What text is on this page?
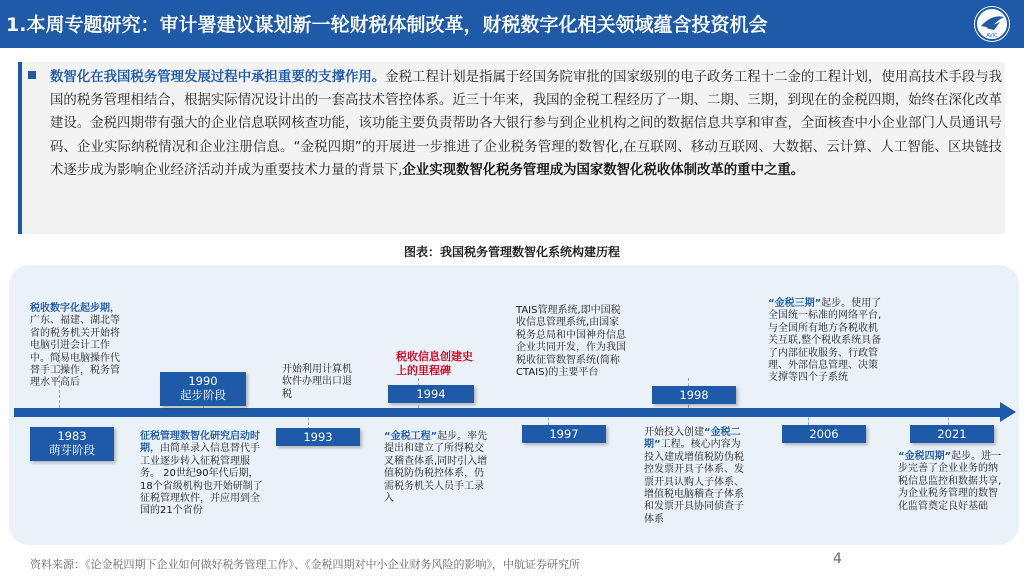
1.本周专题研究：审计署建议谋划新一轮财税体制改革，财税数字化相关领域蕴含投资机会	AVIC
数智化在我国税务管理发展过程中承担重要的支撑作用。金税工程计划是指属于经国务院审批的国家级别的电子政务工程十二金的工程计划，使用高技术手段与我国的税务管理相结合，根据实际情况设计出的一套高技术管控体系。近三十年来，我国的金税工程经历了一期、二期、三期，到现在的金税四期，始终在深化改革建设。金税四期带有强大的企业信息联网核查功能，该功能主要负责帮助各大银行参与到企业机构之间的数据信息共享和审查，全面核查中小企业部门人员通讯号码、企业实际纳税情况和企业注册信息。“金税四期”的开展进一步推进了企业税务管理的数智化,在互联网、移动互联网、大数据、云计算、人工智能、区块链技术逐步成为影响企业经济活动并成为重要技术力量的背景下,企业实现数智化税务管理成为国家数智化税收体制改革的重中之重。
图表：我国税务管理数智化系统构建历程
1983
萌芽阶段
1990
起步阶段
1993
1994
1997
1998
2006	2021
税收数字化起步期，广东、福建、湖北等省的税务机关开始将电脑引进会计工作中。简易电脑操作代替手工操作，税务管理水平高后
征税管理数智化研究启动时期，由简单录入信息替代手工业逐步转入征税管理服务。 20世纪90年代后期，18个省级机构也开始研制了征税管理软件，并应用到全国的21个省份
开始利用计算机软件办理出口退税
税收信息创建史上的里程碑
“金税工程”起步。率先提出和建立了所得税交叉稽查体系,同时引入增值税防伪税控体系，仍需税务机关人员手工录入
TAIS管理系统,即中国税收信息管理系统,由国家税务总局和中国神舟信息企业共同开发，作为我国税收征管数智系统(简称CTAIS)的主要平台
开始投入创建“金税二期”工程。核心内容为投入建成增值税防伪税控发票开具子体系、发票开具认购人子体系、增值税电脑稽查子体系和发票开具协同侦查子体系
“金税三期”起步。使用了全国统一标准的网络平台,与全国所有地方各税收机关互联,整个税收系统具备了内部征收服务、行政管理、外部信息管理、决策支撑等四个子系统
“金税四期”起步。进一步完善了企业业务的纳税信息监控和数据共享,为企业税务管理的数智化监管奠定良好基础
资料来源：《论金税四期下企业如何做好税务管理工作》、《金税四期对中小企业财务风险的影响》，中航证券研究所	4
